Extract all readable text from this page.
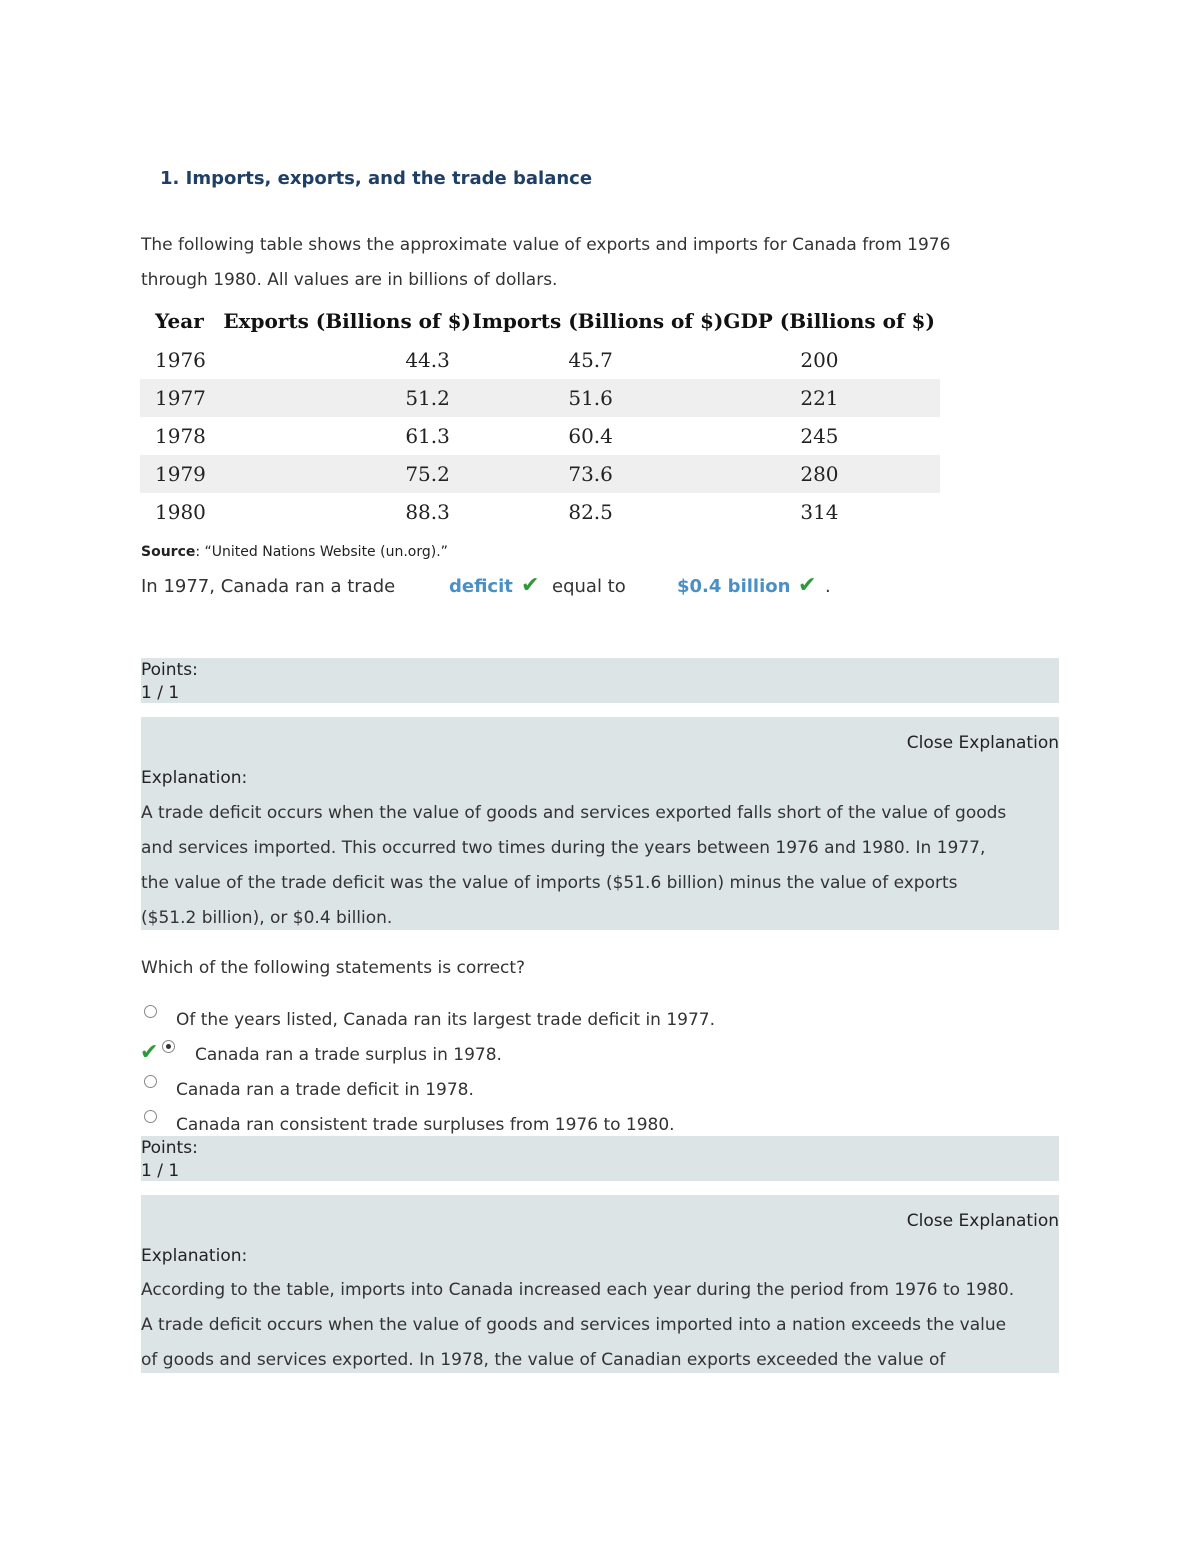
1. Imports, exports, and the trade balance
The following table shows the approximate value of exports and imports for Canada from 1976
through 1980. All values are in billions of dollars.
Year	Exports (Billions of $)	Imports (Billions of $)	GDP (Billions of $)
1976	44.3	45.7	200
1977	51.2	51.6	221
1978	61.3	60.4	245
1979	75.2	73.6	280
1980	88.3	82.5	314
Source: “United Nations Website (un.org).”
In 1977, Canada ran a trade	deficit ✔ equal to	$0.4 billion ✔ .
Points:
1 / 1
Close Explanation
Explanation:
A trade deficit occurs when the value of goods and services exported falls short of the value of goods
and services imported. This occurred two times during the years between 1976 and 1980. In 1977,
the value of the trade deficit was the value of imports ($51.6 billion) minus the value of exports
($51.2 billion), or $0.4 billion.
Which of the following statements is correct?
Of the years listed, Canada ran its largest trade deficit in 1977.
✔ Canada ran a trade surplus in 1978.
Canada ran a trade deficit in 1978.
Canada ran consistent trade surpluses from 1976 to 1980.
Points:
1 / 1
Close Explanation
Explanation:
According to the table, imports into Canada increased each year during the period from 1976 to 1980.
A trade deficit occurs when the value of goods and services imported into a nation exceeds the value
of goods and services exported. In 1978, the value of Canadian exports exceeded the value of
